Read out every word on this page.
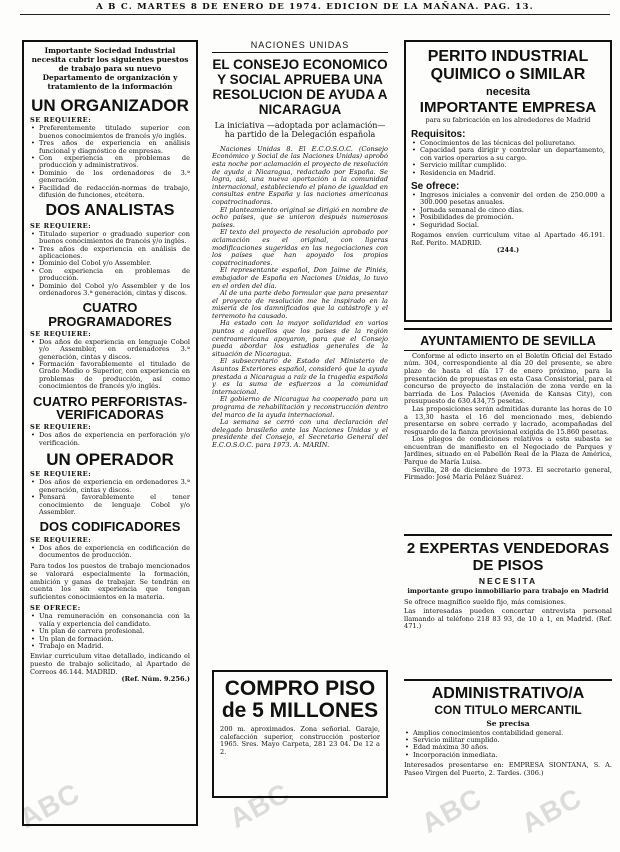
A B C. MARTES 8 DE ENERO DE 1974. EDICION DE LA MAÑANA. PAG. 13.

Importante Sociedad Industrial necesita cubrir los siguientes puestos de trabajo para su nuevo Departamento de organización y tratamiento de la información

UN ORGANIZADOR
SE REQUIERE:
• Preferentemente titulado superior con buenos conocimientos de francés y/o inglés.
• Tres años de experiencia en análisis funcional y diagnóstico de empresas.
• Con experiencia en problemas de producción y administrativos.
• Dominio de los ordenadores de 3.ª generación.
• Facilidad de redacción-normas de trabajo, difusión de funciones, etcétera.
DOS ANALISTAS
SE REQUIERE:
• Titulado superior o graduado superior con buenos conocimientos de francés y/o inglés.
• Tres años de experiencia en análisis de aplicaciones.
• Dominio del Cobol y/o Assembler.
• Con experiencia en problemas de producción.
• Dominio del Cobol y/o Assembler y de los ordenadores 3.ª generación, cintas y discos.
CUATRO PROGRAMADORES
SE REQUIERE:
• Dos años de experiencia en lenguaje Cobol y/o Assembler, en ordenadores 3.ª generación, cintas y discos.
• Formación favorablemente el titulado de Grado Medio o Superior, con experiencia en problemas de producción, así como conocimientos de francés y/o inglés.
CUATRO PERFORISTAS-VERIFICADORAS
SE REQUIERE:
• Dos años de experiencia en perforación y/o verificación.
UN OPERADOR
SE REQUIERE:
• Dos años de experiencia en ordenadores 3.ª generación, cintas y discos.
• Pensará favorablemente el tener conocimiento de lenguaje Cobol y/o Assembler.
DOS CODIFICADORES
SE REQUIERE:
• Dos años de experiencia en codificación de documentos de producción.

Para todos los puestos de trabajo mencionados se valorará especialmente la formación, ambición y ganas de trabajar. Se tendrán en cuenta los sin experiencia que tengan suficientes conocimientos en la materia.

SE OFRECE:
• Una remuneración en consonancia con la valía y experiencia del candidato.
• Un plan de carrera profesional.
• Un plan de formación.
• Trabajo en Madrid.

Enviar curriculum vitae detallado, indicando el puesto de trabajo solicitado, al Apartado de Correos 46.144. MADRID.

(Ref. Núm. 9.256.)

NACIONES UNIDAS
EL CONSEJO ECONOMICO Y SOCIAL APRUEBA UNA RESOLUCION DE AYUDA A NICARAGUA

La iniciativa —adoptada por aclamación— ha partido de la Delegación española

Naciones Unidas 8. El E.C.O.S.O.C. (Consejo Económico y Social de las Naciones Unidas) aprobó esta noche por aclamación el proyecto de resolución de ayuda a Nicaragua, redactado por España. Se logra, así, una nueva aportación a la comunidad internacional, estableciendo el plano de igualdad en consultas entre España y las naciones americanas copatrocinadoras.

El planteamiento original se dirigió en nombre de ocho países, que se unieron después numerosos países.

El texto del proyecto de resolución aprobado por aclamación es el original, con ligeras modificaciones sugeridas en las negociaciones con los países que han apoyado los propios copatrocinadores.

El representante español, Don Jaime de Piniés, embajador de España en Naciones Unidas, lo tuvo en el orden del día.

Al de una parte debo formular que para presentar el proyecto de resolución me he inspirado en la miseria de los damnificados que la catástrofe y el terremoto ha causado.

Ha estado con la mayor solidaridad en varios puntos a aquellos que los países de la región centroamericana apoyaron, para que el Consejo pueda abordar los estudios generales de la situación de Nicaragua.

El subsecretario de Estado del Ministerio de Asuntos Exteriores español, consideró que la ayuda prestada a Nicaragua a raíz de la tragedia española y es la suma de esfuerzos a la comunidad internacional.

El gobierno de Nicaragua ha cooperado para un programa de rehabilitación y reconstrucción dentro del marco de la ayuda internacional.

La semana se cerró con una declaración del delegado brasileño ante las Naciones Unidas y el presidente del Consejo, el Secretario General del E.C.O.S.O.C. para 1973. A. MARÍN.

COMPRO PISO de 5 MILLONES

200 m. aproximados. Zona señorial. Garaje, calefacción superior, construcción posterior 1965. Sres. Mayo Carpeta, 281 23 04. De 12 a 2.

PERITO INDUSTRIAL QUIMICO o SIMILAR
necesita
IMPORTANTE EMPRESA

para su fabricación en los alrededores de Madrid

Requisitos:
• Conocimientos de las técnicas del poliuretano.
• Capacidad para dirigir y controlar un departamento, con varios operarios a su cargo.
• Servicio militar cumplido.
• Residencia en Madrid.
Se ofrece:
• Ingresos iniciales a convenir del orden de 250.000 a 300.000 pesetas anuales.
• Jornada semanal de cinco días.
• Posibilidades de promoción.
• Seguridad Social.

Rogamos envíen curriculum vitae al Apartado 46.191. Ref. Perito. MADRID.

(244.)

AYUNTAMIENTO DE SEVILLA

Conforme al edicto inserto en el Boletín Oficial del Estado núm. 304, correspondiente al día 20 del presente, se abre plazo de hasta el día 17 de enero próximo, para la presentación de propuestas en esta Casa Consistorial, para el concurso de proyecto de instalación de zona verde en la barriada de Los Palacios (Avenida de Kansas City), con presupuesto de 630.434,75 pesetas.

Las proposiciones serán admitidas durante las horas de 10 a 13,30 hasta el 16 del mencionado mes, debiendo presentarse en sobre cerrado y lacrado, acompañadas del resguardo de la fianza provisional exigida de 15.860 pesetas.

Los pliegos de condiciones relativos a esta subasta se encuentran de manifiesto en el Negociado de Parques y Jardines, situado en el Pabellón Real de la Plaza de América, Parque de María Luisa.

Sevilla, 28 de diciembre de 1973. El secretario general, Firmado: José María Peláez Suárez.

2 EXPERTAS VENDEDORAS DE PISOS
NECESITA

importante grupo inmobiliario para trabajo en Madrid

Se ofrece magnífico sueldo fijo, más comisiones.

Las interesadas pueden concertar entrevista personal llamando al teléfono 218 83 93, de 10 a 1, en Madrid. (Ref. 471.)

ADMINISTRATIVO/A
CON TITULO MERCANTIL
Se precisa
• Amplios conocimientos contabilidad general.
• Servicio militar cumplido.
• Edad máxima 30 años.
• Incorporación inmediata.

Interesados presentarse en: EMPRESA SIONTANA, S. A. Paseo Virgen del Puerto, 2. Tardes. (306.)

ABC	ABC	ABC ABC
